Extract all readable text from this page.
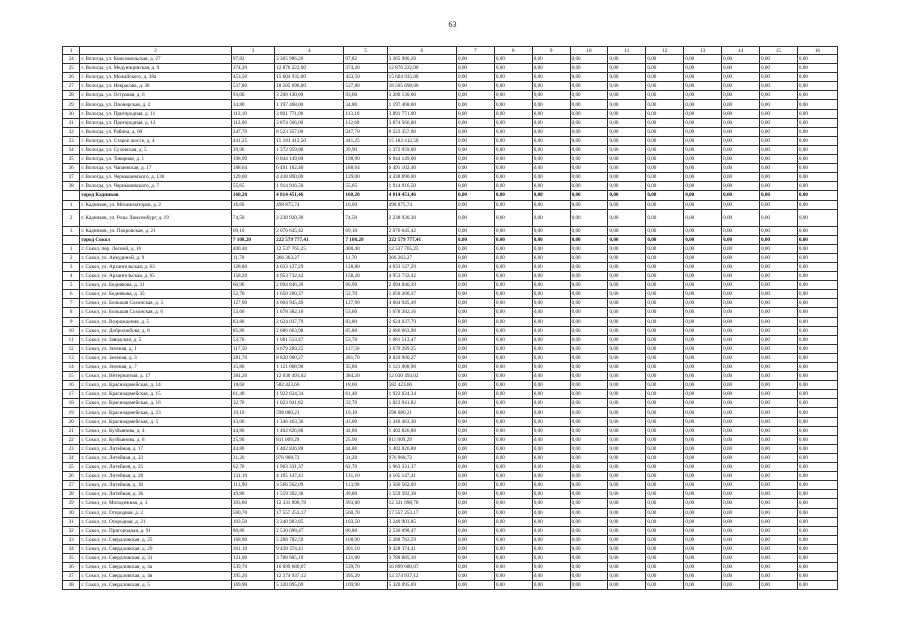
63
1	2	3	4	5	6	7	8	9	10	11	12	13	14	15	16
24	г. Вологда, ул. Комсомольская, д. 27	97,82	3 365 986,20	97,82	3 365 986,20	0,00	0,00	0,00	0,00	0,00	0,00	0,00	0,00	0,00	0,00
25	г. Вологда, ул. Медуницинская, д. 9	374,20	12 876 222,00	374,20	12 876 222,00	0,00	0,00	0,00	0,00	0,00	0,00	0,00	0,00	0,00	0,00
26	г. Вологда, ул. Можайского, д. 38а	453,50	15 604 935,00	453,50	15 604 935,00	0,00	0,00	0,00	0,00	0,00	0,00	0,00	0,00	0,00	0,00
27	г. Вологда, ул. Некрасова, д. 38	537,80	18 505 698,00	537,80	18 505 698,00	0,00	0,00	0,00	0,00	0,00	0,00	0,00	0,00	0,00	0,00
28	г. Вологда, ул. Островая, д. 6	93,00	3 200 130,00	93,00	3 200 130,00	0,00	0,00	0,00	0,00	0,00	0,00	0,00	0,00	0,00	0,00
29	г. Вологда, ул. Пионерская, д. 2	34,80	1 197 468,00	34,80	1 197 468,00	0,00	0,00	0,00	0,00	0,00	0,00	0,00	0,00	0,00	0,00
30	г. Вологда, ул. Пригородная, д. 11	113,10	3 891 771,00	113,10	3 891 771,00	0,00	0,00	0,00	0,00	0,00	0,00	0,00	0,00	0,00	0,00
31	г. Вологда, ул. Пригородная, д. 12	112,60	3 874 566,00	112,60	3 874 566,00	0,00	0,00	0,00	0,00	0,00	0,00	0,00	0,00	0,00	0,00
32	г. Вологда, ул. Рабина, д. 60	247,70	8 523 357,00	247,70	8 523 357,00	0,00	0,00	0,00	0,00	0,00	0,00	0,00	0,00	0,00	0,00
33	г. Вологда, ул. Старое шоссе, д. 4	441,25	15 183 412,50	441,25	15 183 412,50	0,00	0,00	0,00	0,00	0,00	0,00	0,00	0,00	0,00	0,00
34	г. Вологда, ул. Суховская, д. 5	39,90	1 372 959,00	39,90	1 372 959,00	0,00	0,00	0,00	0,00	0,00	0,00	0,00	0,00	0,00	0,00
35	г. Вологда, ул. Товарная, д. 1	198,90	6 844 149,00	198,90	6 844 149,00	0,00	0,00	0,00	0,00	0,00	0,00	0,00	0,00	0,00	0,00
36	г. Вологда, ул. Чапаевская, д. 17	188,64	6 491 102,40	188,64	6 491 102,40	0,00	0,00	0,00	0,00	0,00	0,00	0,00	0,00	0,00	0,00
37	г. Вологда, ул. Чернышевского, д. 130	129,00	4 438 890,00	129,00	4 438 890,00	0,00	0,00	0,00	0,00	0,00	0,00	0,00	0,00	0,00	0,00
38	г. Вологда, ул. Чернышевского, д. 7	55,65	1 914 916,50	55,65	1 914 916,50	0,00	0,00	0,00	0,00	0,00	0,00	0,00	0,00	0,00	0,00
	город Кадников	160,20	4 814 451,46	160,20	4 814 451,46	0,00	0,00	0,00	0,00	0,00	0,00	0,00	0,00	0,00	0,00
1	г. Кадников, ул. Механизаторов, д. 2	16,60	498 875,74	16,60	498 875,74	0,00	0,00	0,00	0,00	0,00	0,00	0,00	0,00	0,00	0,00
2	г. Кадников, ул. Розы Люксембург, д. 19	74,50	2 238 930,30	74,50	2 238 930,30	0,00	0,00	0,00	0,00	0,00	0,00	0,00	0,00	0,00	0,00
3	г. Кадников, ул. Покровская, д. 21	69,10	2 076 645,42	69,10	2 076 645,42	0,00	0,00	0,00	0,00	0,00	0,00	0,00	0,00	0,00	0,00
	город Сокол	7 108,20	222 579 777,41	7 108,20	222 579 777,41	0,00	0,00	0,00	0,00	0,00	0,00	0,00	0,00	0,00	0,00
1	г. Сокол, пер. Лесной, д. 16	400,40	12 537 765,25	400,40	12 537 765,25	0,00	0,00	0,00	0,00	0,00	0,00	0,00	0,00	0,00	0,00
2	г. Сокол, ул. Анкудиной, д. 9	11,70	366 363,27	11,70	366 363,27	0,00	0,00	0,00	0,00	0,00	0,00	0,00	0,00	0,00	0,00
3	г. Сокол, ул. Архангельская, д. 63	128,80	4 033 127,29	128,80	4 033 127,29	0,00	0,00	0,00	0,00	0,00	0,00	0,00	0,00	0,00	0,00
4	г. Сокол, ул. Архангельская, д. 65	158,20	4 953 732,42	158,20	4 953 732,42	0,00	0,00	0,00	0,00	0,00	0,00	0,00	0,00	0,00	0,00
5	г. Сокол, ул. Беднякова, д. 31	66,90	2 094 846,39	66,90	2 094 846,39	0,00	0,00	0,00	0,00	0,00	0,00	0,00	0,00	0,00	0,00
6	г. Сокол, ул. Беднякова, д. 35	52,70	1 650 200,37	52,70	1 650 200,37	0,00	0,00	0,00	0,00	0,00	0,00	0,00	0,00	0,00	0,00
7	г. Сокол, ул. Большая Сохонская, д. 3	127,90	4 004 945,49	127,90	4 004 945,49	0,00	0,00	0,00	0,00	0,00	0,00	0,00	0,00	0,00	0,00
8	г. Сокол, ул. Большая Сохонская, д. 6	53,60	1 678 382,16	53,60	1 678 382,16	0,00	0,00	0,00	0,00	0,00	0,00	0,00	0,00	0,00	0,00
9	г. Сокол, ул. Возрождения, д. 5	83,80	2 624 037,79	83,80	2 624 037,79	0,00	0,00	0,00	0,00	0,00	0,00	0,00	0,00	0,00	0,00
10	г. Сокол, ул. Добролюбова, д. 8	85,80	2 686 663,98	85,80	2 686 663,98	0,00	0,00	0,00	0,00	0,00	0,00	0,00	0,00	0,00	0,00
11	г. Сокол, ул. Заводская, д. 5	53,70	1 681 513,47	53,70	1 681 513,47	0,00	0,00	0,00	0,00	0,00	0,00	0,00	0,00	0,00	0,00
12	г. Сокол, ул. Зеленая, д. 1	117,50	3 679 289,25	117,50	3 679 289,25	0,00	0,00	0,00	0,00	0,00	0,00	0,00	0,00	0,00	0,00
13	г. Сокол, ул. Зеленая, д. 3	281,70	8 820 900,27	281,70	8 820 900,27	0,00	0,00	0,00	0,00	0,00	0,00	0,00	0,00	0,00	0,00
14	г. Сокол, ул. Зеленая, д. 7	35,80	1 121 008,98	35,80	1 121 008,98	0,00	0,00	0,00	0,00	0,00	0,00	0,00	0,00	0,00	0,00
15	г. Сокол, ул. Интернатная, д. 17	384,20	12 030 493,02	384,20	12 030 493,02	0,00	0,00	0,00	0,00	0,00	0,00	0,00	0,00	0,00	0,00
16	г. Сокол, ул. Красноармейская, д. 14	18,60	582 423,66	18,60	582 423,66	0,00	0,00	0,00	0,00	0,00	0,00	0,00	0,00	0,00	0,00
17	г. Сокол, ул. Красноармейская, д. 15	61,40	1 922 624,34	61,40	1 922 624,34	0,00	0,00	0,00	0,00	0,00	0,00	0,00	0,00	0,00	0,00
18	г. Сокол, ул. Красноармейская, д. 16	32,70	1 023 941,82	32,70	1 023 941,82	0,00	0,00	0,00	0,00	0,00	0,00	0,00	0,00	0,00	0,00
19	г. Сокол, ул. Красноармейская, д. 23	19,10	598 080,21	19,10	598 080,21	0,00	0,00	0,00	0,00	0,00	0,00	0,00	0,00	0,00	0,00
20	г. Сокол, ул. Красноармейская, д. 5	43,00	1 346 463,30	43,00	1 346 463,30	0,00	0,00	0,00	0,00	0,00	0,00	0,00	0,00	0,00	0,00
21	г. Сокол, ул. Кузбьянова, д. 4	44,80	1 402 826,88	44,80	1 402 826,88	0,00	0,00	0,00	0,00	0,00	0,00	0,00	0,00	0,00	0,00
22	г. Сокол, ул. Кузбьянова, д. 8	25,90	811 009,29	25,90	811 009,29	0,00	0,00	0,00	0,00	0,00	0,00	0,00	0,00	0,00	0,00
23	г. Сокол, ул. Литейная, д. 17	44,80	1 402 826,88	44,80	1 402 826,88	0,00	0,00	0,00	0,00	0,00	0,00	0,00	0,00	0,00	0,00
24	г. Сокол, ул. Литейная, д. 23	31,20	976 968,72	31,20	976 968,72	0,00	0,00	0,00	0,00	0,00	0,00	0,00	0,00	0,00	0,00
25	г. Сокол, ул. Литейная, д. 25	62,70	1 963 331,37	62,70	1 963 331,37	0,00	0,00	0,00	0,00	0,00	0,00	0,00	0,00	0,00	0,00
26	г. Сокол, ул. Литейная, д. 28	131,10	4 105 147,41	131,10	4 105 147,41	0,00	0,00	0,00	0,00	0,00	0,00	0,00	0,00	0,00	0,00
27	г. Сокол, ул. Литейная, д. 30	113,90	3 566 562,09	113,90	3 566 562,09	0,00	0,00	0,00	0,00	0,00	0,00	0,00	0,00	0,00	0,00
28	г. Сокол, ул. Литейная, д. 36	49,80	1 559 392,38	49,80	1 559 392,38	0,00	0,00	0,00	0,00	0,00	0,00	0,00	0,00	0,00	0,00
29	г. Сокол, ул. Молодежная, д. 3	393,80	12 331 098,78	393,80	12 331 098,78	0,00	0,00	0,00	0,00	0,00	0,00	0,00	0,00	0,00	0,00
30	г. Сокол, ул. Огородная, д. 2	560,70	17 557 253,17	560,70	17 557 253,17	0,00	0,00	0,00	0,00	0,00	0,00	0,00	0,00	0,00	0,00
31	г. Сокол, ул. Огородная, д. 21	103,50	3 240 903,85	103,50	3 240 903,85	0,00	0,00	0,00	0,00	0,00	0,00	0,00	0,00	0,00	0,00
32	г. Сокол, ул. Пригородная, д. 91	80,80	2 530 098,47	80,80	2 530 098,47	0,00	0,00	0,00	0,00	0,00	0,00	0,00	0,00	0,00	0,00
33	г. Сокол, ул. Свердловская, д. 25	168,90	5 288 782,59	168,90	5 288 782,59	0,00	0,00	0,00	0,00	0,00	0,00	0,00	0,00	0,00	0,00
34	г. Сокол, ул. Свердловская, д. 29	301,10	9 428 374,41	301,10	9 428 374,41	0,00	0,00	0,00	0,00	0,00	0,00	0,00	0,00	0,00	0,00
35	г. Сокол, ул. Свердловская, д. 31	121,00	3 788 885,10	121,00	3 788 885,10	0,00	0,00	0,00	0,00	0,00	0,00	0,00	0,00	0,00	0,00
36	г. Сокол, ул. Свердловская, д. 4а	539,70	16 899 680,07	539,70	16 899 680,07	0,00	0,00	0,00	0,00	0,00	0,00	0,00	0,00	0,00	0,00
37	г. Сокол, ул. Свердловская, д. 4в	395,20	12 374 937,12	395,20	12 374 937,12	0,00	0,00	0,00	0,00	0,00	0,00	0,00	0,00	0,00	0,00
38	г. Сокол, ул. Свердловская, д. 5	169,90	5 320 095,69	169,90	5 320 095,69	0,00	0,00	0,00	0,00	0,00	0,00	0,00	0,00	0,00	0,00
